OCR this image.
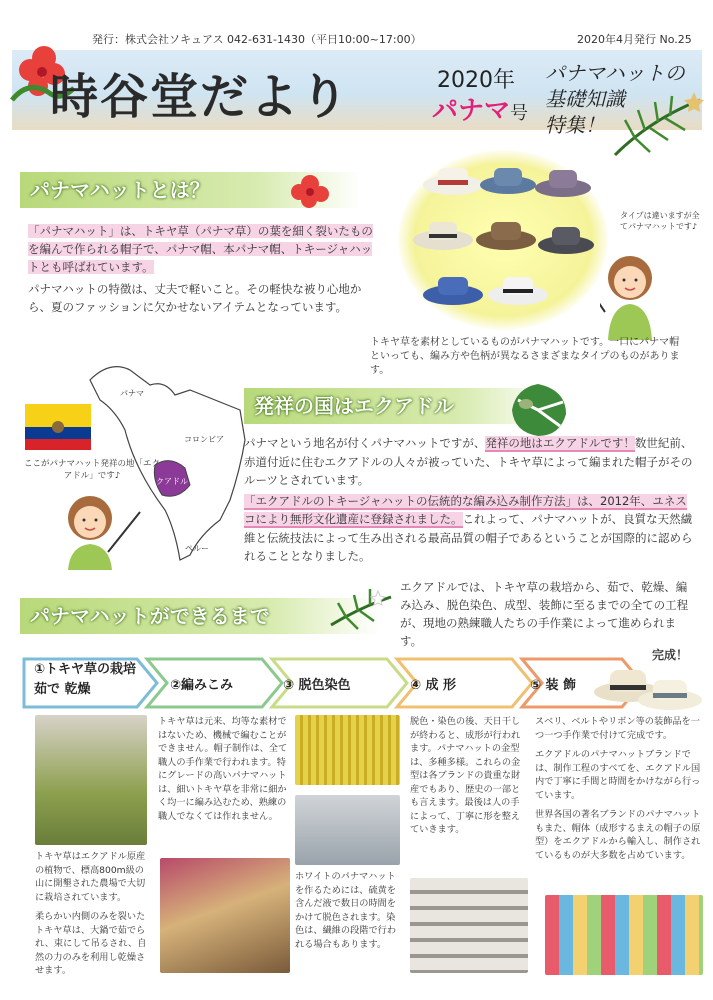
発行：株式会社ソキュアス 042-631-1430（平日10:00~17:00）	2020年4月発行 No.25
時谷堂だより	2020年
パナマ号
パナマハットの基礎知識
特集！
パナマハットとは？
「パナマハット」は、トキヤ草（パナマ草）の葉を細く裂いたものを編んで作られる帽子で、パナマ帽、本パナマ帽、トキージャハットとも呼ばれています。
パナマハットの特徴は、丈夫で軽いこと。その軽快な被り心地から、夏のファッションに欠かせないアイテムとなっています。
タイプは違いますが全てパナマハットです♪
トキヤ草を素材としているものがパナマハットです。一口にパナマ帽といっても、編み方や色柄が異なるさまざまなタイプのものがあります。
パナマ
コロンビア
エクアドル
ペルー
ここがパナマハット発祥の地「エクアドル」です♪
発祥の国はエクアドル
パナマという地名が付くパナマハットですが、発祥の地はエクアドルです！数世紀前、赤道付近に住むエクアドルの人々が被っていた、トキヤ草によって編まれた帽子がそのルーツとされています。
「エクアドルのトキージャハットの伝統的な編み込み制作方法」は、2012年、ユネスコにより無形文化遺産に登録されました。これよって、パナマハットが、良質な天然繊維と伝統技法によって生み出される最高品質の帽子であるということが国際的に認められることとなりました。
パナマハットができるまで
エクアドルでは、トキヤ草の栽培から、茹で、乾燥、編み込み、脱色染色、成型、装飾に至るまでの全ての工程が、現地の熟練職人たちの手作業によって進められます。
①トキヤ草の栽培 茹で 乾燥	②編みこみ	③ 脱色染色	④ 成 形	⑤ 装 飾
完成！

トキヤ草はエクアドル原産の植物で、標高800m級の山に開墾された農場で大切に栽培されています。

柔らかい内側のみを裂いたトキヤ草は、大鍋で茹でられ、束にして吊るされ、自然の力のみを利用し乾燥させます。

トキヤ草は元来、均等な素材ではないため、機械で編むことができません。帽子制作は、全て職人の手作業で行われます。特にグレードの高いパナマハットは、細いトキヤ草を非常に細かく均一に編み込むため、熟練の職人でなくては作れません。
ホワイトのパナマハットを作るためには、硫黄を含んだ液で数日の時間をかけて脱色されます。染色は、繊維の段階で行われる場合もあります。
脱色・染色の後、天日干しが終わると、成形が行われます。パナマハットの金型は、多種多様。これらの金型は各ブランドの貴重な財産でもあり、歴史の一部とも言えます。最後は人の手によって、丁寧に形を整えていきます。

スベリ、ベルトやリボン等の装飾品を一つ一つ手作業で付けて完成です。

エクアドルのパナマハットブランドでは、制作工程のすべてを、エクアドル国内で丁寧に手間と時間をかけながら行っています。

世界各国の著名ブランドのパナマハットもまた、帽体（成形するまえの帽子の原型）をエクアドルから輸入し、制作されているものが大多数を占めています。
